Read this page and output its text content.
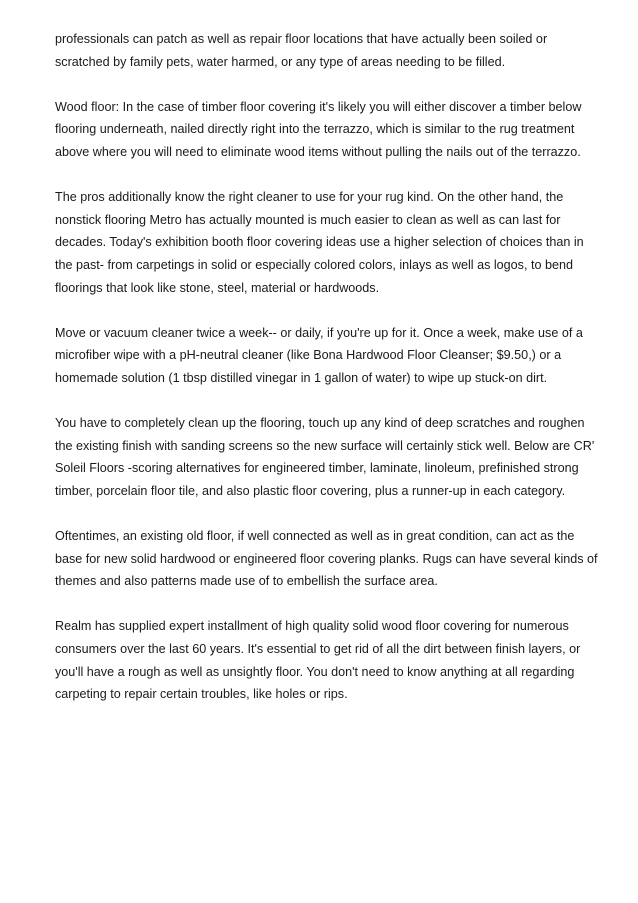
professionals can patch as well as repair floor locations that have actually been soiled or scratched by family pets, water harmed, or any type of areas needing to be filled.

Wood floor: In the case of timber floor covering it's likely you will either discover a timber below flooring underneath, nailed directly right into the terrazzo, which is similar to the rug treatment above where you will need to eliminate wood items without pulling the nails out of the terrazzo.

The pros additionally know the right cleaner to use for your rug kind. On the other hand, the nonstick flooring Metro has actually mounted is much easier to clean as well as can last for decades. Today's exhibition booth floor covering ideas use a higher selection of choices than in the past- from carpetings in solid or especially colored colors, inlays as well as logos, to bend floorings that look like stone, steel, material or hardwoods.

Move or vacuum cleaner twice a week-- or daily, if you're up for it. Once a week, make use of a microfiber wipe with a pH-neutral cleaner (like Bona Hardwood Floor Cleanser; $9.50,) or a homemade solution (1 tbsp distilled vinegar in 1 gallon of water) to wipe up stuck-on dirt.

You have to completely clean up the flooring, touch up any kind of deep scratches and roughen the existing finish with sanding screens so the new surface will certainly stick well. Below are CR' Soleil Floors -scoring alternatives for engineered timber, laminate, linoleum, prefinished strong timber, porcelain floor tile, and also plastic floor covering, plus a runner-up in each category.

Oftentimes, an existing old floor, if well connected as well as in great condition, can act as the base for new solid hardwood or engineered floor covering planks. Rugs can have several kinds of themes and also patterns made use of to embellish the surface area.

Realm has supplied expert installment of high quality solid wood floor covering for numerous consumers over the last 60 years. It's essential to get rid of all the dirt between finish layers, or you'll have a rough as well as unsightly floor. You don't need to know anything at all regarding carpeting to repair certain troubles, like holes or rips.
